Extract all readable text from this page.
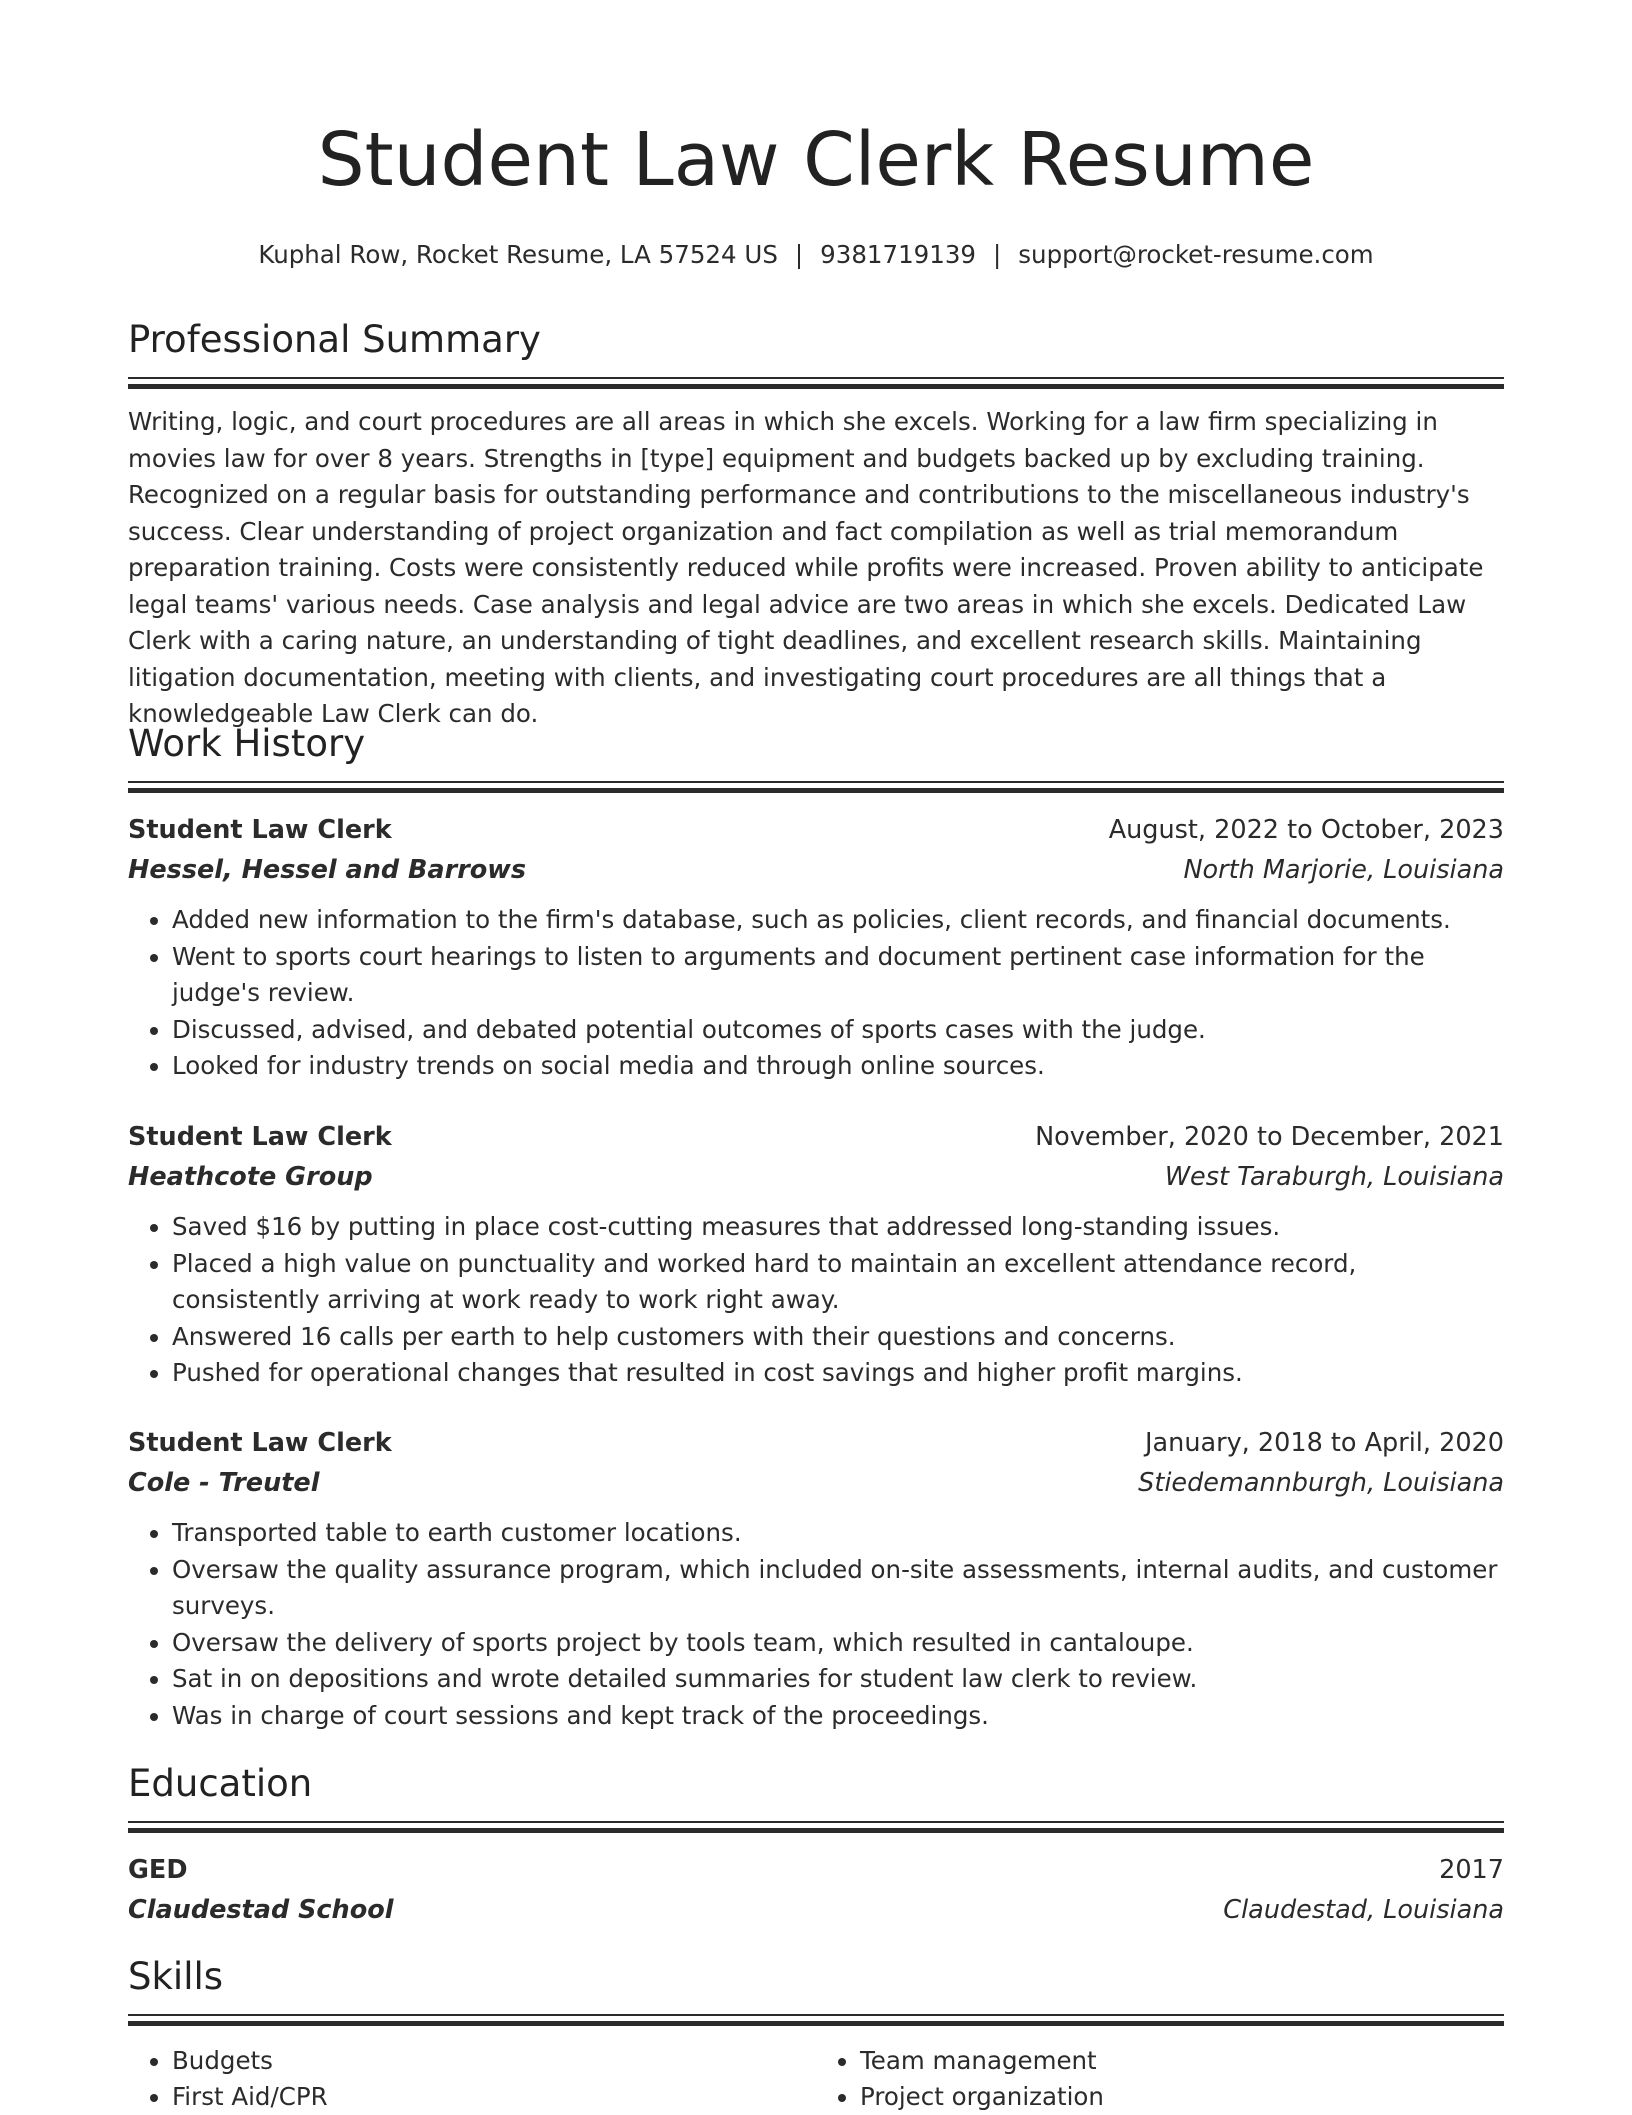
Student Law Clerk Resume
Kuphal Row, Rocket Resume, LA 57524 US | 9381719139 | support@rocket-resume.com
Professional Summary

Writing, logic, and court procedures are all areas in which she excels. Working for a law firm specializing in movies law for over 8 years. Strengths in [type] equipment and budgets backed up by excluding training. Recognized on a regular basis for outstanding performance and contributions to the miscellaneous industry's success. Clear understanding of project organization and fact compilation as well as trial memorandum preparation training. Costs were consistently reduced while profits were increased. Proven ability to anticipate legal teams' various needs. Case analysis and legal advice are two areas in which she excels. Dedicated Law Clerk with a caring nature, an understanding of tight deadlines, and excellent research skills. Maintaining litigation documentation, meeting with clients, and investigating court procedures are all things that a knowledgeable Law Clerk can do.

Work History
Student Law Clerk	August, 2022 to October, 2023
Hessel, Hessel and Barrows	North Marjorie, Louisiana
• Added new information to the firm's database, such as policies, client records, and financial documents.
• Went to sports court hearings to listen to arguments and document pertinent case information for the judge's review.
• Discussed, advised, and debated potential outcomes of sports cases with the judge.
• Looked for industry trends on social media and through online sources.
Student Law Clerk	November, 2020 to December, 2021
Heathcote Group	West Taraburgh, Louisiana
• Saved $16 by putting in place cost-cutting measures that addressed long-standing issues.
• Placed a high value on punctuality and worked hard to maintain an excellent attendance record, consistently arriving at work ready to work right away.
• Answered 16 calls per earth to help customers with their questions and concerns.
• Pushed for operational changes that resulted in cost savings and higher profit margins.
Student Law Clerk	January, 2018 to April, 2020
Cole - Treutel	Stiedemannburgh, Louisiana
• Transported table to earth customer locations.
• Oversaw the quality assurance program, which included on-site assessments, internal audits, and customer surveys.
• Oversaw the delivery of sports project by tools team, which resulted in cantaloupe.
• Sat in on depositions and wrote detailed summaries for student law clerk to review.
• Was in charge of court sessions and kept track of the proceedings.
Education
GED	2017
Claudestad School	Claudestad, Louisiana
Skills
• Budgets
• First Aid/CPR
• Team management
• Project organization
